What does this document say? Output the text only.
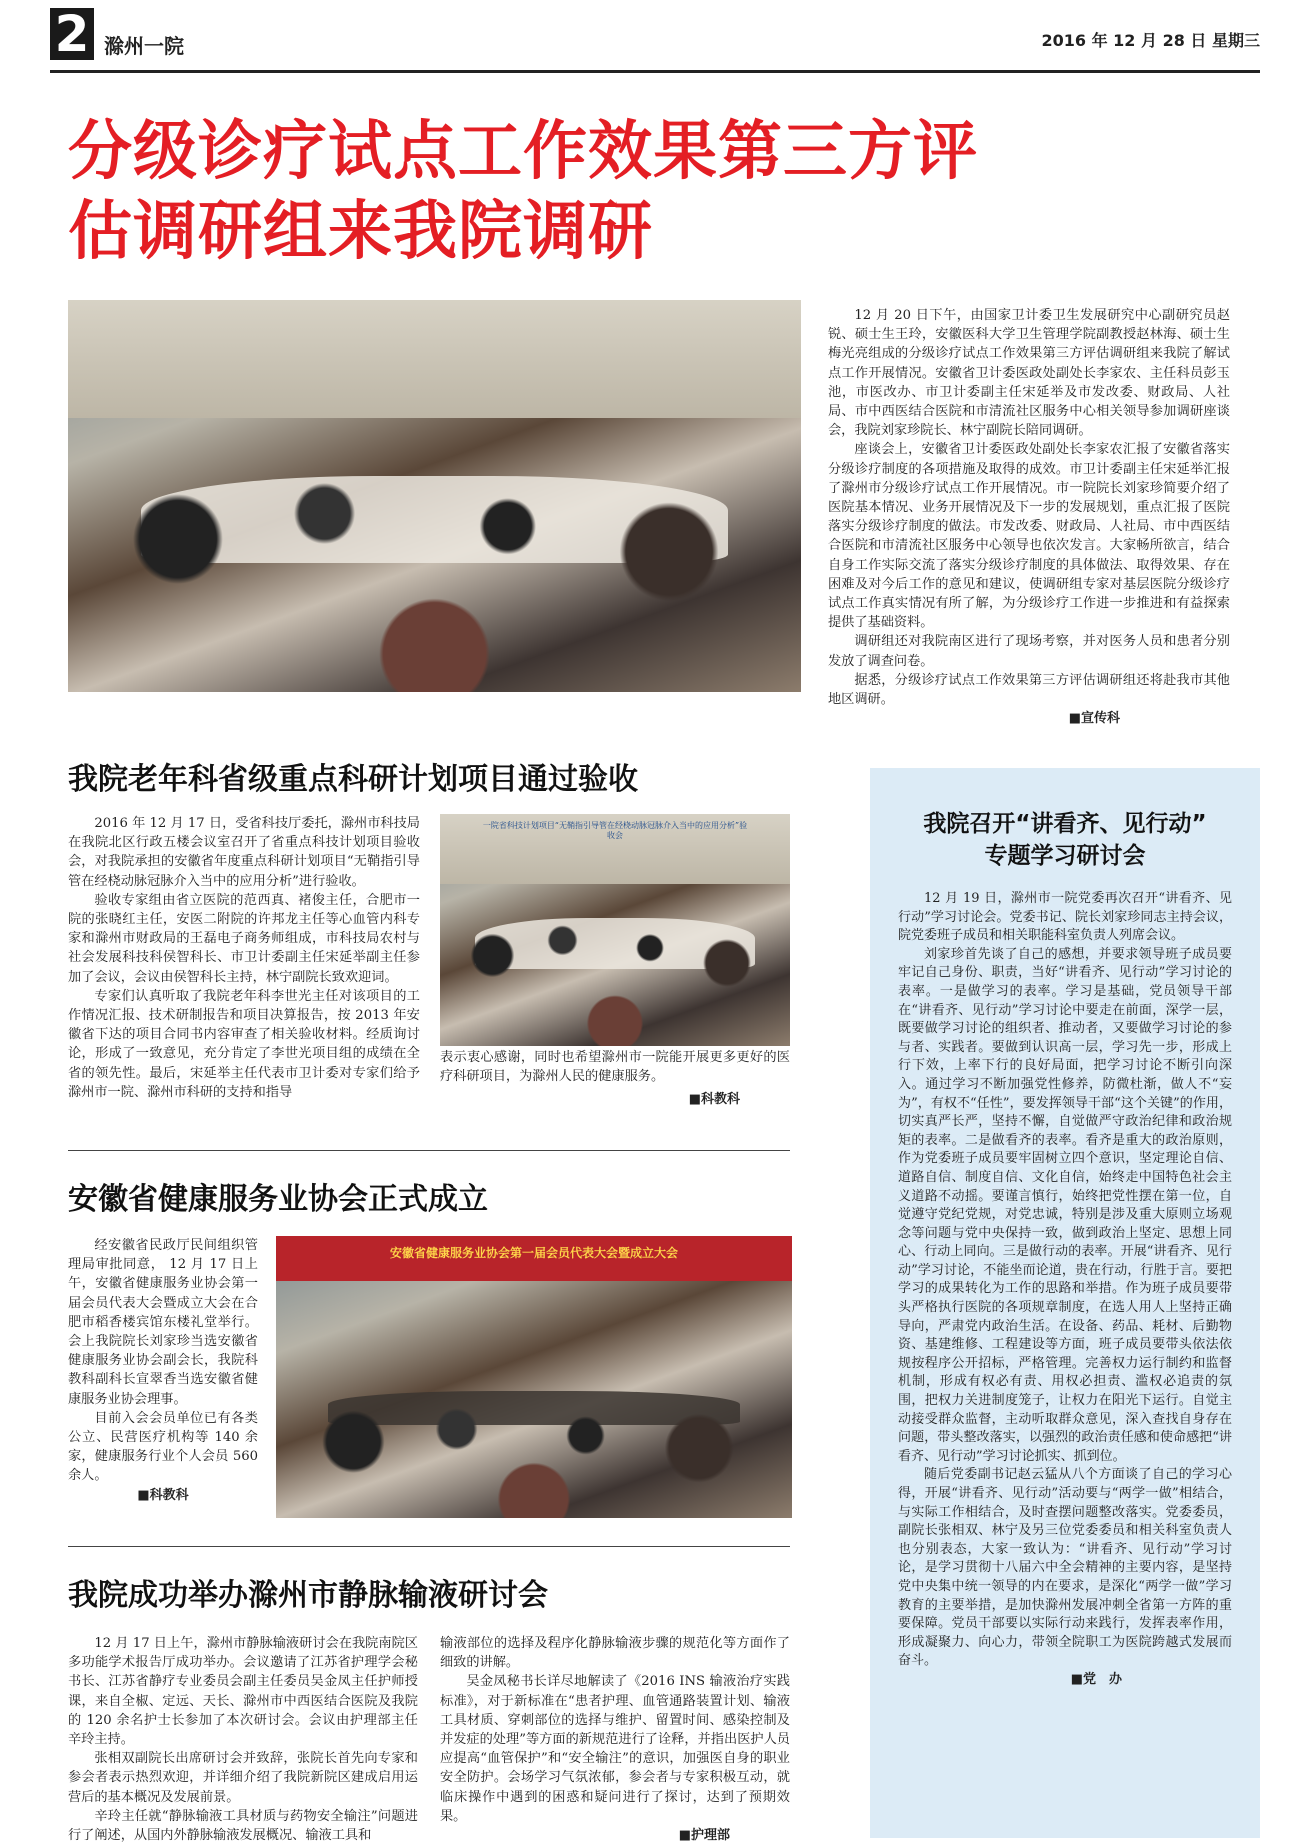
2 滁州一院	2016 年 12 月 28 日 星期三
分级诊疗试点工作效果第三方评
估调研组来我院调研

12 月 20 日下午，由国家卫计委卫生发展研究中心副研究员赵锐、硕士生王玲，安徽医科大学卫生管理学院副教授赵林海、硕士生梅光亮组成的分级诊疗试点工作效果第三方评估调研组来我院了解试点工作开展情况。安徽省卫计委医政处副处长李家农、主任科员彭玉池，市医改办、市卫计委副主任宋延举及市发改委、财政局、人社局、市中西医结合医院和市清流社区服务中心相关领导参加调研座谈会，我院刘家珍院长、林宁副院长陪同调研。

座谈会上，安徽省卫计委医政处副处长李家农汇报了安徽省落实分级诊疗制度的各项措施及取得的成效。市卫计委副主任宋延举汇报了滁州市分级诊疗试点工作开展情况。市一院院长刘家珍简要介绍了医院基本情况、业务开展情况及下一步的发展规划，重点汇报了医院落实分级诊疗制度的做法。市发改委、财政局、人社局、市中西医结合医院和市清流社区服务中心领导也依次发言。大家畅所欲言，结合自身工作实际交流了落实分级诊疗制度的具体做法、取得效果、存在困难及对今后工作的意见和建议，使调研组专家对基层医院分级诊疗试点工作真实情况有所了解，为分级诊疗工作进一步推进和有益探索提供了基础资料。

调研组还对我院南区进行了现场考察，并对医务人员和患者分别发放了调查问卷。

据悉，分级诊疗试点工作效果第三方评估调研组还将赴我市其他地区调研。

■宣传科
我院老年科省级重点科研计划项目通过验收

2016 年 12 月 17 日，受省科技厅委托，滁州市科技局在我院北区行政五楼会议室召开了省重点科技计划项目验收会，对我院承担的安徽省年度重点科研计划项目“无鞘指引导管在经桡动脉冠脉介入当中的应用分析”进行验收。

验收专家组由省立医院的范西真、褚俊主任，合肥市一院的张晓红主任，安医二附院的许邦龙主任等心血管内科专家和滁州市财政局的王磊电子商务师组成，市科技局农村与社会发展科技科侯智科长、市卫计委副主任宋延举副主任参加了会议，会议由侯智科长主持，林宁副院长致欢迎词。

专家们认真听取了我院老年科李世光主任对该项目的工作情况汇报、技术研制报告和项目决算报告，按 2013 年安徽省下达的项目合同书内容审查了相关验收材料。经质询讨论，形成了一致意见，充分肯定了李世光项目组的成绩在全省的领先性。最后，宋延举主任代表市卫计委对专家们给予滁州市一院、滁州市科研的支持和指导

一院省科技计划项目“无鞘指引导管在经桡动脉冠脉介入当中的应用分析”验收会
表示衷心感谢，同时也希望滁州市一院能开展更多更好的医疗科研项目，为滁州人民的健康服务。
■科教科
安徽省健康服务业协会正式成立

经安徽省民政厅民间组织管理局审批同意， 12 月 17 日上午，安徽省健康服务业协会第一届会员代表大会暨成立大会在合肥市稻香楼宾馆东楼礼堂举行。会上我院院长刘家珍当选安徽省健康服务业协会副会长，我院科教科副科长宣翠香当选安徽省健康服务业协会理事。

目前入会会员单位已有各类公立、民营医疗机构等 140 余家，健康服务行业个人会员 560 余人。

■科教科
安徽省健康服务业协会第一届会员代表大会暨成立大会
我院成功举办滁州市静脉输液研讨会

12 月 17 日上午，滁州市静脉输液研讨会在我院南院区多功能学术报告厅成功举办。会议邀请了江苏省护理学会秘书长、江苏省静疗专业委员会副主任委员吴金凤主任护师授课，来自全椒、定远、天长、滁州市中西医结合医院及我院的 120 余名护士长参加了本次研讨会。会议由护理部主任辛玲主持。

张相双副院长出席研讨会并致辞，张院长首先向专家和参会者表示热烈欢迎，并详细介绍了我院新院区建成启用运营后的基本概况及发展前景。

辛玲主任就“静脉输液工具材质与药物安全输注”问题进行了阐述，从国内外静脉输液发展概况、输液工具和

输液部位的选择及程序化静脉输液步骤的规范化等方面作了细致的讲解。

吴金凤秘书长详尽地解读了《2016 INS 输液治疗实践标准》，对于新标准在“患者护理、血管通路装置计划、输液工具材质、穿刺部位的选择与维护、留置时间、感染控制及并发症的处理”等方面的新规范进行了诠释，并指出医护人员应提高“血管保护”和“安全输注”的意识，加强医自身的职业安全防护。会场学习气氛浓郁，参会者与专家积极互动，就临床操作中遇到的困惑和疑问进行了探讨，达到了预期效果。

■护理部
我院召开“讲看齐、见行动”
专题学习研讨会

12 月 19 日，滁州市一院党委再次召开“讲看齐、见行动”学习讨论会。党委书记、院长刘家珍同志主持会议，院党委班子成员和相关职能科室负责人列席会议。

刘家珍首先谈了自己的感想，并要求领导班子成员要牢记自己身份、职责，当好“讲看齐、见行动”学习讨论的表率。一是做学习的表率。学习是基础，党员领导干部在“讲看齐、见行动”学习讨论中要走在前面，深学一层，既要做学习讨论的组织者、推动者，又要做学习讨论的参与者、实践者。要做到认识高一层，学习先一步，形成上行下效，上率下行的良好局面，把学习讨论不断引向深入。通过学习不断加强党性修养，防微杜渐，做人不“妄为”，有权不“任性”，要发挥领导干部“这个关键”的作用，切实真严长严，坚持不懈，自觉做严守政治纪律和政治规矩的表率。二是做看齐的表率。看齐是重大的政治原则，作为党委班子成员要牢固树立四个意识，坚定理论自信、道路自信、制度自信、文化自信，始终走中国特色社会主义道路不动摇。要谨言慎行，始终把党性摆在第一位，自觉遵守党纪党规，对党忠诚，特别是涉及重大原则立场观念等问题与党中央保持一致，做到政治上坚定、思想上同心、行动上同向。三是做行动的表率。开展“讲看齐、见行动”学习讨论，不能坐而论道，贵在行动，行胜于言。要把学习的成果转化为工作的思路和举措。作为班子成员要带头严格执行医院的各项规章制度，在选人用人上坚持正确导向，严肃党内政治生活。在设备、药品、耗材、后勤物资、基建维修、工程建设等方面，班子成员要带头依法依规按程序公开招标，严格管理。完善权力运行制约和监督机制，形成有权必有责、用权必担责、滥权必追责的氛围，把权力关进制度笼子，让权力在阳光下运行。自觉主动接受群众监督，主动听取群众意见，深入查找自身存在问题，带头整改落实，以强烈的政治责任感和使命感把“讲看齐、见行动”学习讨论抓实、抓到位。

随后党委副书记赵云猛从八个方面谈了自己的学习心得，开展“讲看齐、见行动”活动要与“两学一做”相结合，与实际工作相结合，及时查摆问题整改落实。党委委员，副院长张相双、林宁及另三位党委委员和相关科室负责人也分别表态，大家一致认为：“讲看齐、见行动”学习讨论，是学习贯彻十八届六中全会精神的主要内容，是坚持党中央集中统一领导的内在要求，是深化“两学一做”学习教育的主要举措，是加快滁州发展冲刺全省第一方阵的重要保障。党员干部要以实际行动来践行，发挥表率作用，形成凝聚力、向心力，带领全院职工为医院跨越式发展而奋斗。

■党　办
